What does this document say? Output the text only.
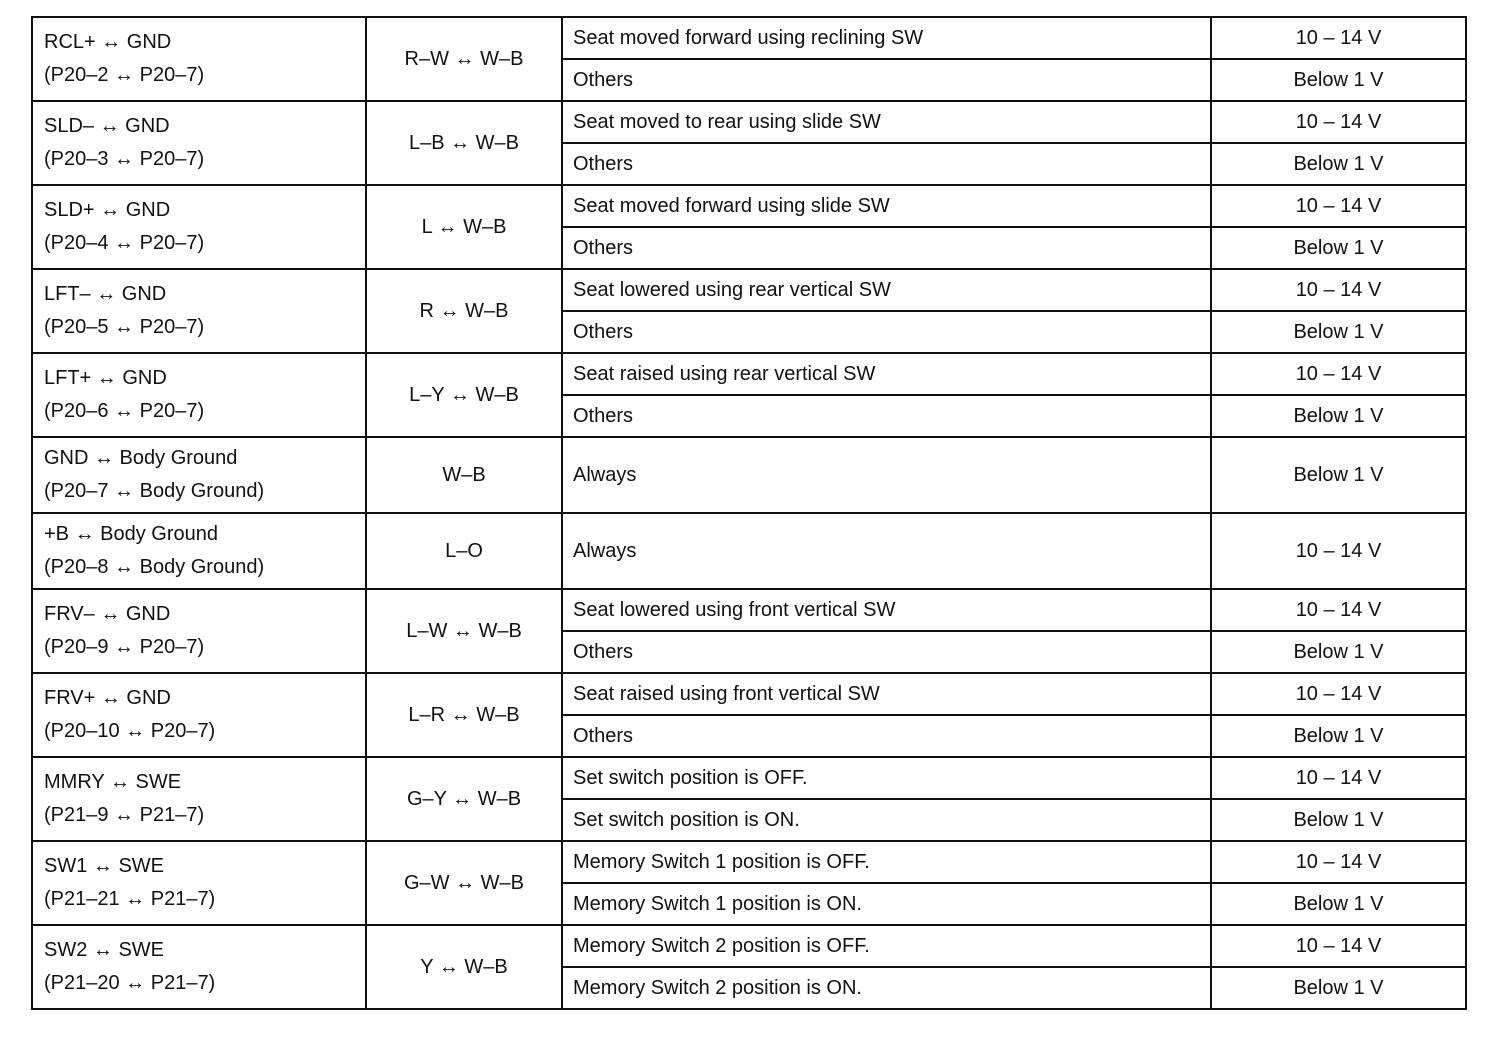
RCL+ ↔ GND
(P20–2 ↔ P20–7)	R–W ↔ W–B	Seat moved forward using reclining SW	10 – 14 V
		Others	Below 1 V

SLD– ↔ GND
(P20–3 ↔ P20–7)	L–B ↔ W–B	Seat moved to rear using slide SW	10 – 14 V
		Others	Below 1 V

SLD+ ↔ GND
(P20–4 ↔ P20–7)	L ↔ W–B	Seat moved forward using slide SW	10 – 14 V
		Others	Below 1 V

LFT– ↔ GND
(P20–5 ↔ P20–7)	R ↔ W–B	Seat lowered using rear vertical SW	10 – 14 V
		Others	Below 1 V

LFT+ ↔ GND
(P20–6 ↔ P20–7)	L–Y ↔ W–B	Seat raised using rear vertical SW	10 – 14 V
		Others	Below 1 V

GND ↔ Body Ground
(P20–7 ↔ Body Ground)	W–B	Always	Below 1 V

+B ↔ Body Ground
(P20–8 ↔ Body Ground)	L–O	Always	10 – 14 V

FRV– ↔ GND
(P20–9 ↔ P20–7)	L–W ↔ W–B	Seat lowered using front vertical SW	10 – 14 V
		Others	Below 1 V

FRV+ ↔ GND
(P20–10 ↔ P20–7)	L–R ↔ W–B	Seat raised using front vertical SW	10 – 14 V
		Others	Below 1 V

MMRY ↔ SWE
(P21–9 ↔ P21–7)	G–Y ↔ W–B	Set switch position is OFF.	10 – 14 V
		Set switch position is ON.	Below 1 V

SW1 ↔ SWE
(P21–21 ↔ P21–7)	G–W ↔ W–B	Memory Switch 1 position is OFF.	10 – 14 V
		Memory Switch 1 position is ON.	Below 1 V

SW2 ↔ SWE
(P21–20 ↔ P21–7)	Y ↔ W–B	Memory Switch 2 position is OFF.	10 – 14 V
		Memory Switch 2 position is ON.	Below 1 V
